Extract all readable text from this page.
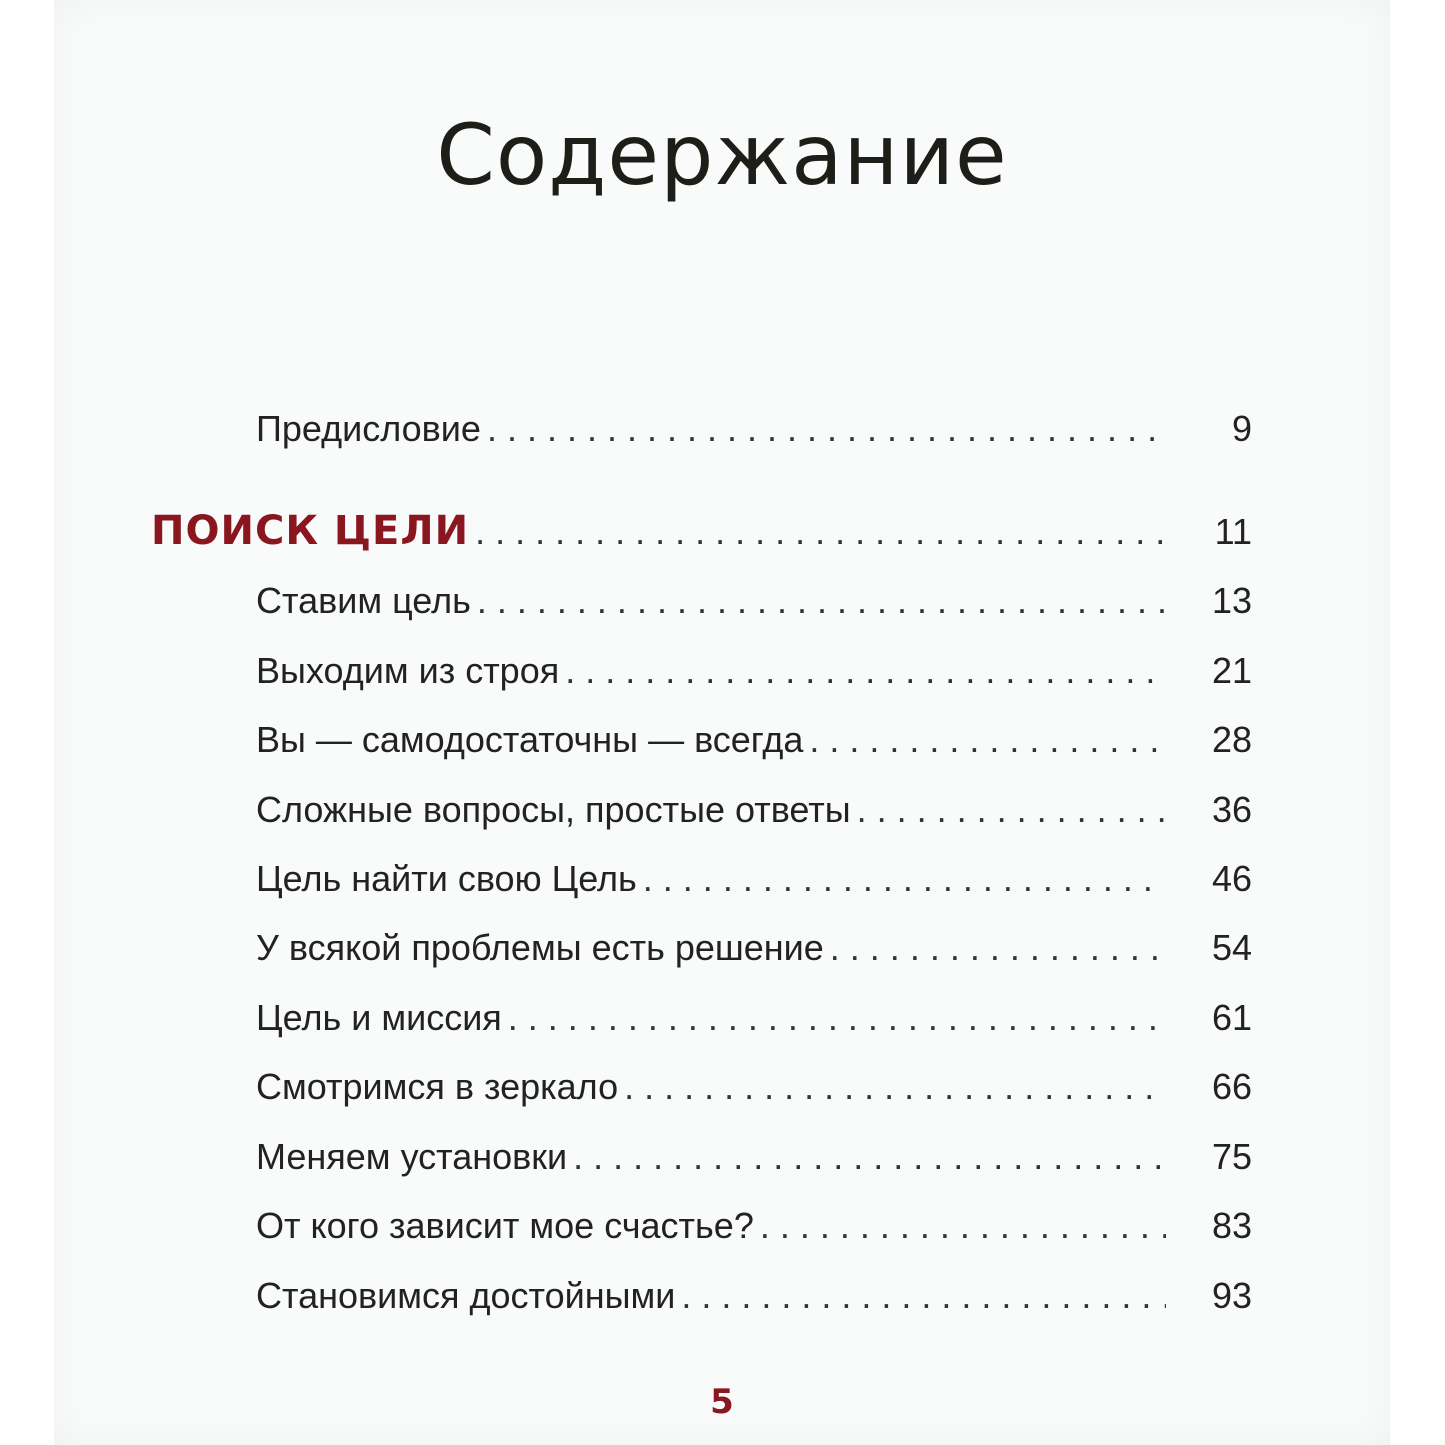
Содержание
Предисловие . . .	9
ПОИСК ЦЕЛИ . . .	11
Ставим цель . . .	13
Выходим из строя . . .	21
Вы — самодостаточны — всегда . . .	28
Сложные вопросы, простые ответы . . .	36
Цель найти свою Цель . . .	46
У всякой проблемы есть решение . . .	54
Цель и миссия . . .	61
Смотримся в зеркало . . .	66
Меняем установки . . .	75
От кого зависит мое счастье? . . .	83
Становимся достойными . . .	93
5
